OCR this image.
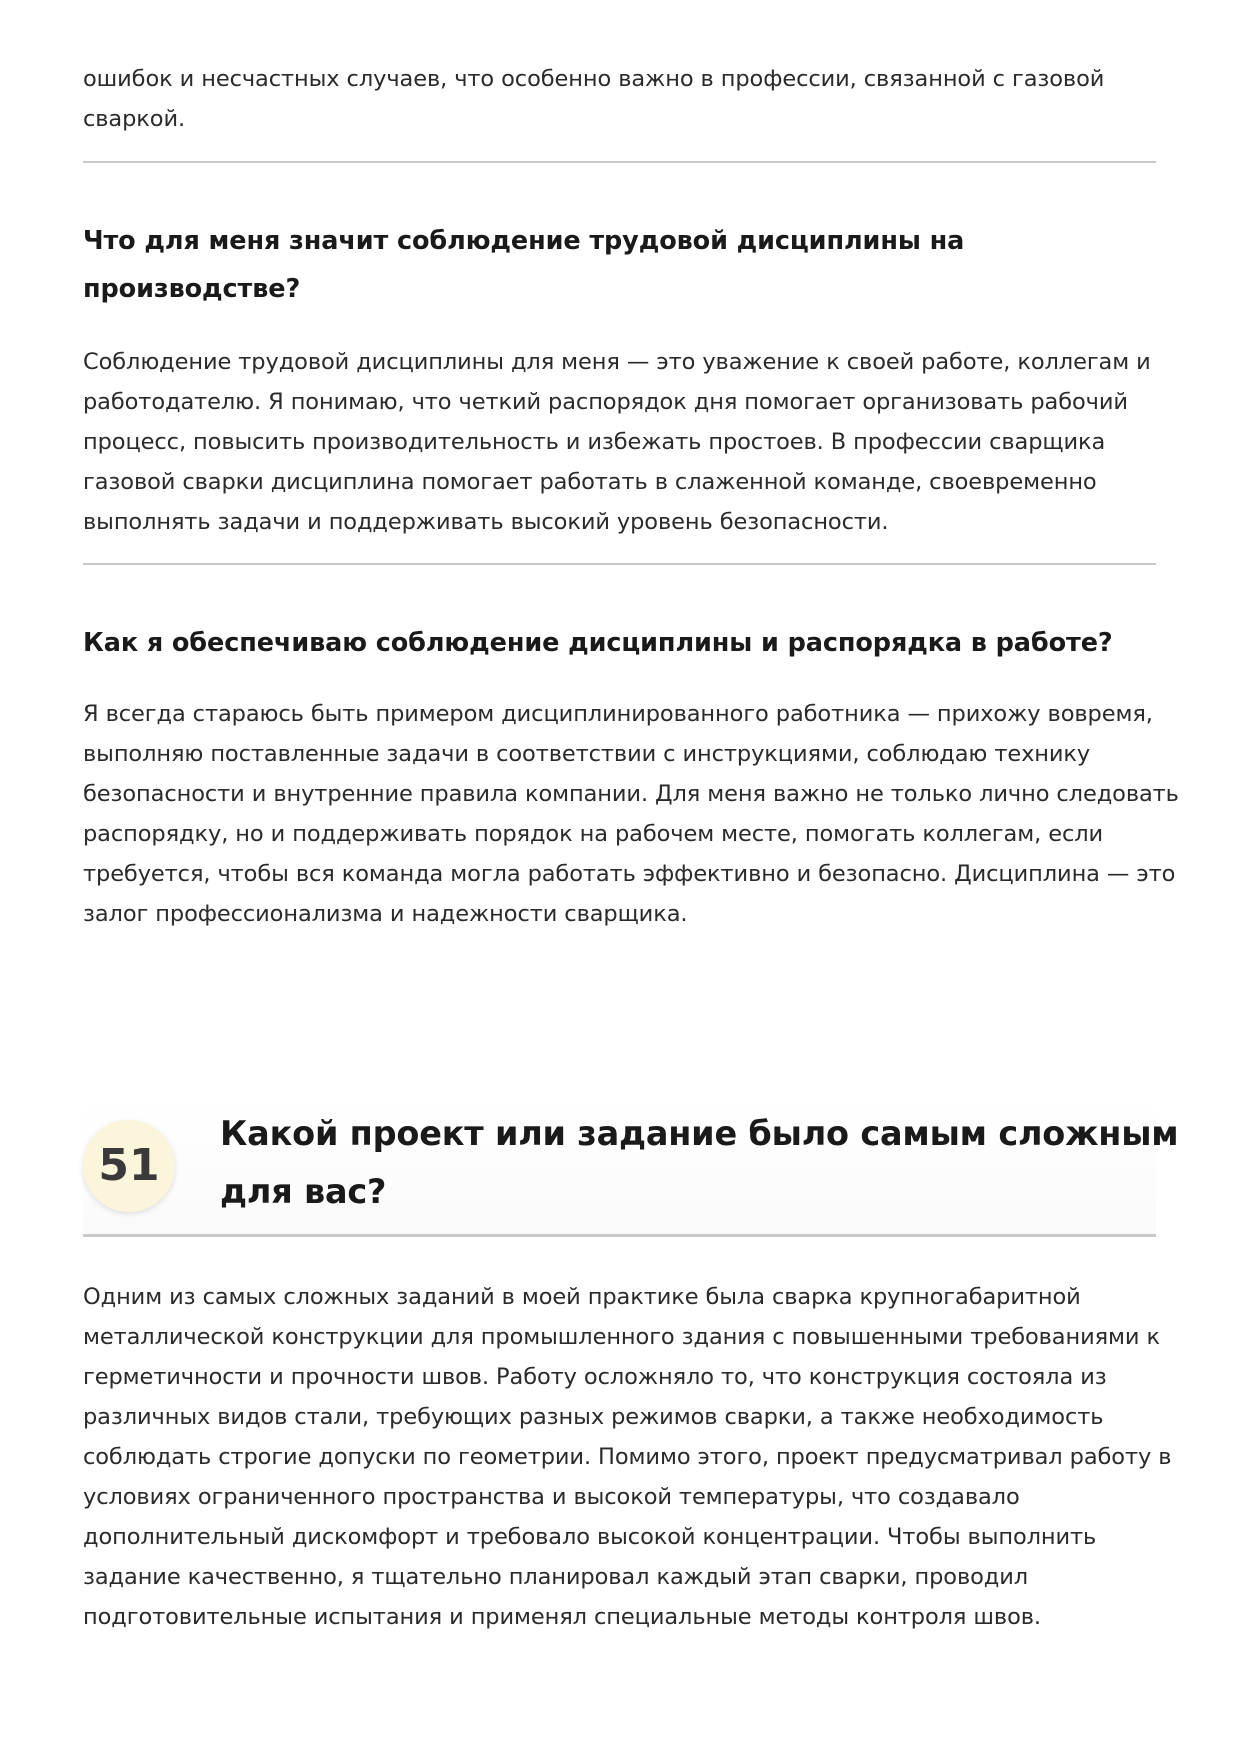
ошибок и несчастных случаев, что особенно важно в профессии, связанной с газовой
сваркой.
Что для меня значит соблюдение трудовой дисциплины на
производстве?
Соблюдение трудовой дисциплины для меня — это уважение к своей работе, коллегам и
работодателю. Я понимаю, что четкий распорядок дня помогает организовать рабочий
процесс, повысить производительность и избежать простоев. В профессии сварщика
газовой сварки дисциплина помогает работать в слаженной команде, своевременно
выполнять задачи и поддерживать высокий уровень безопасности.
Как я обеспечиваю соблюдение дисциплины и распорядка в работе?
Я всегда стараюсь быть примером дисциплинированного работника — прихожу вовремя,
выполняю поставленные задачи в соответствии с инструкциями, соблюдаю технику
безопасности и внутренние правила компании. Для меня важно не только лично следовать
распорядку, но и поддерживать порядок на рабочем месте, помогать коллегам, если
требуется, чтобы вся команда могла работать эффективно и безопасно. Дисциплина — это
залог профессионализма и надежности сварщика.
51
Какой проект или задание было самым сложным
для вас?
Одним из самых сложных заданий в моей практике была сварка крупногабаритной
металлической конструкции для промышленного здания с повышенными требованиями к
герметичности и прочности швов. Работу осложняло то, что конструкция состояла из
различных видов стали, требующих разных режимов сварки, а также необходимость
соблюдать строгие допуски по геометрии. Помимо этого, проект предусматривал работу в
условиях ограниченного пространства и высокой температуры, что создавало
дополнительный дискомфорт и требовало высокой концентрации. Чтобы выполнить
задание качественно, я тщательно планировал каждый этап сварки, проводил
подготовительные испытания и применял специальные методы контроля швов.
